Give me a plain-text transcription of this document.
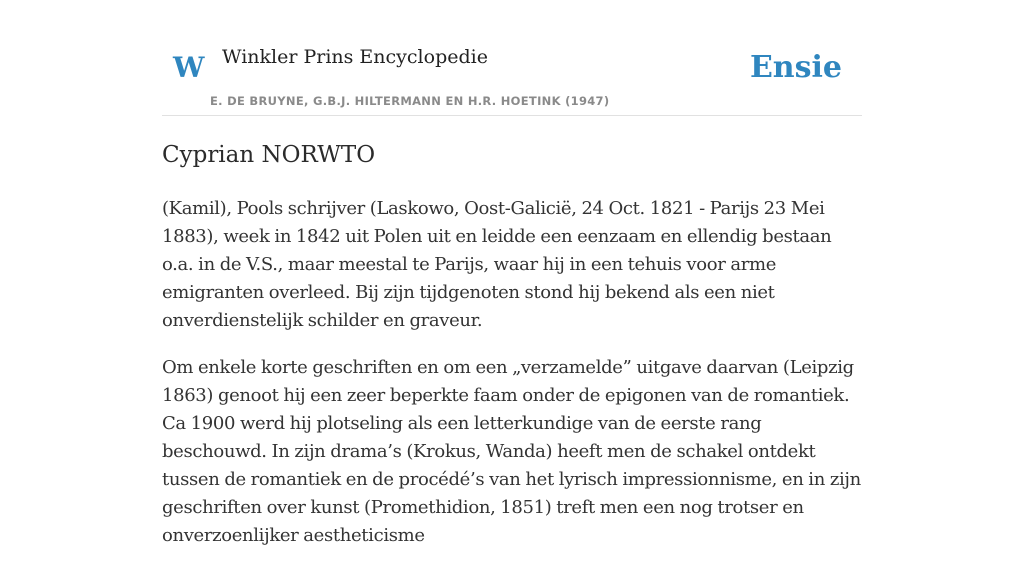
W Winkler Prins Encyclopedie
E. DE BRUYNE, G.B.J. HILTERMANN EN H.R. HOETINK (1947)
Ensie
Cyprian NORWTO

(Kamil), Pools schrijver (Laskowo, Oost-Galicië, 24 Oct. 1821 - Parijs 23 Mei 1883), week in 1842 uit Polen uit en leidde een eenzaam en ellendig bestaan o.a. in de V.S., maar meestal te Parijs, waar hij in een tehuis voor arme emigranten overleed. Bij zijn tijdgenoten stond hij bekend als een niet onverdienstelijk schilder en graveur.

Om enkele korte geschriften en om een „verzamelde” uitgave daarvan (Leipzig 1863) genoot hij een zeer beperkte faam onder de epigonen van de romantiek. Ca 1900 werd hij plotseling als een letterkundige van de eerste rang beschouwd. In zijn drama’s (Krokus, Wanda) heeft men de schakel ontdekt tussen de romantiek en de procédé’s van het lyrisch impressionnisme, en in zijn geschriften over kunst (Promethidion, 1851) treft men een nog trotser en onverzoenlijker aestheticisme
